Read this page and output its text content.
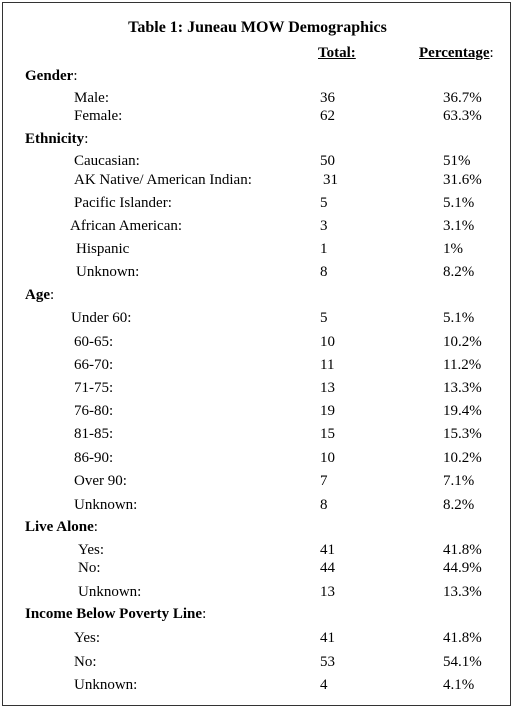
Table 1: Juneau MOW Demographics
Total:	Percentage:
Gender:
Male:	36	36.7%
Female:	62	63.3%
Ethnicity:
Caucasian:	50	51%
AK Native/ American Indian:	31	31.6%
Pacific Islander:	5	5.1%
African American:	3	3.1%
Hispanic	1	1%
Unknown:	8	8.2%
Age:
Under 60:	5	5.1%
60-65:	10	10.2%
66-70:	11	11.2%
71-75:	13	13.3%
76-80:	19	19.4%
81-85:	15	15.3%
86-90:	10	10.2%
Over 90:	7	7.1%
Unknown:	8	8.2%
Live Alone:
Yes:	41	41.8%
No:	44	44.9%
Unknown:	13	13.3%
Income Below Poverty Line:
Yes:	41	41.8%
No:	53	54.1%
Unknown:	4	4.1%
